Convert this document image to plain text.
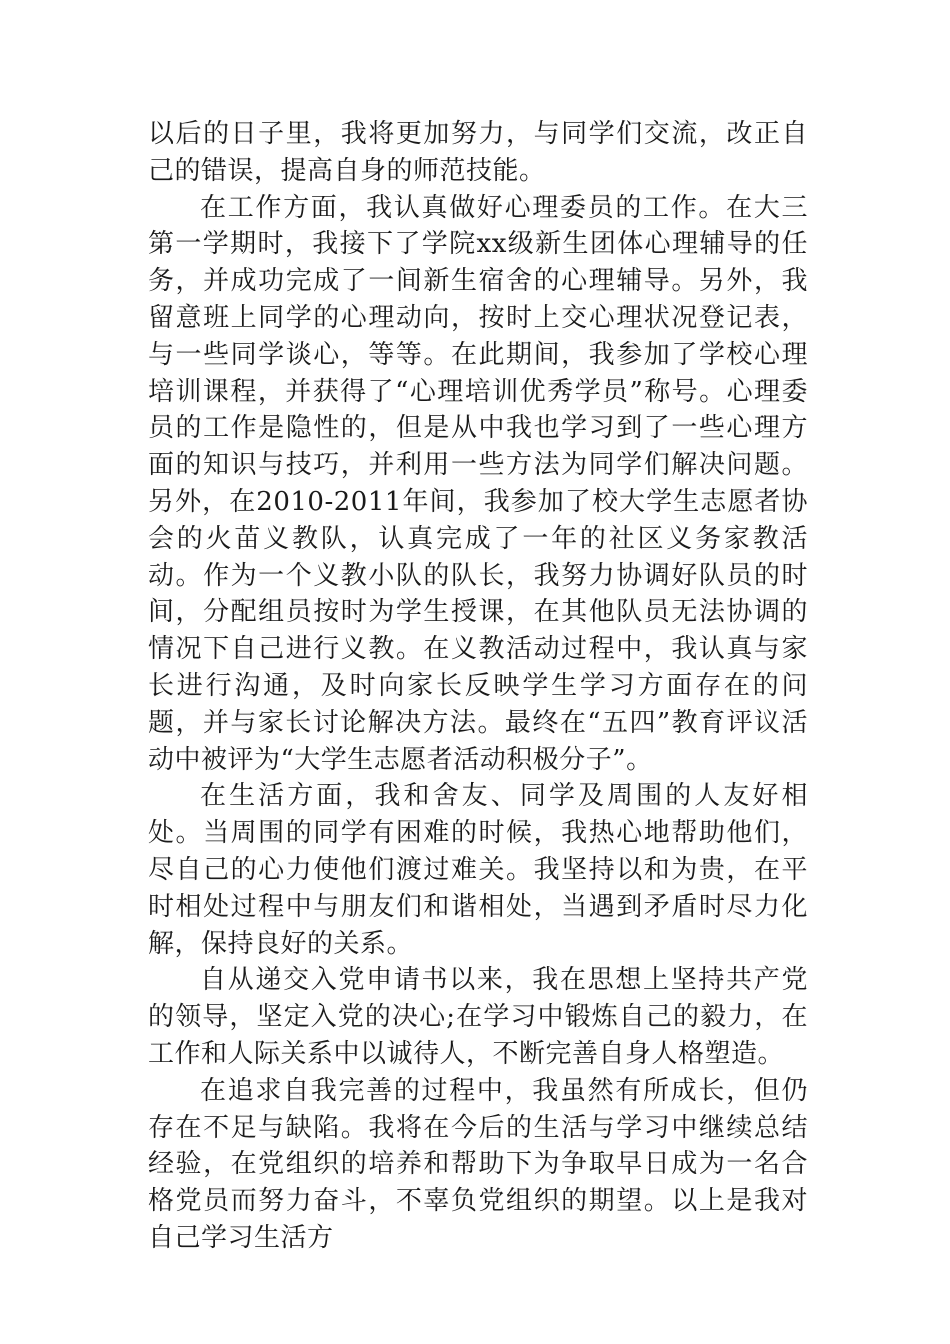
以后的日子里，我将更加努力，与同学们交流，改正自己的错误，提高自身的师范技能。

在工作方面，我认真做好心理委员的工作。在大三第一学期时，我接下了学院xx级新生团体心理辅导的任务，并成功完成了一间新生宿舍的心理辅导。另外，我留意班上同学的心理动向，按时上交心理状况登记表，与一些同学谈心，等等。在此期间，我参加了学校心理培训课程，并获得了“心理培训优秀学员”称号。心理委员的工作是隐性的，但是从中我也学习到了一些心理方面的知识与技巧，并利用一些方法为同学们解决问题。另外，在2010-2011年间，我参加了校大学生志愿者协会的火苗义教队，认真完成了一年的社区义务家教活动。作为一个义教小队的队长，我努力协调好队员的时间，分配组员按时为学生授课，在其他队员无法协调的情况下自己进行义教。在义教活动过程中，我认真与家长进行沟通，及时向家长反映学生学习方面存在的问题，并与家长讨论解决方法。最终在“五四”教育评议活动中被评为“大学生志愿者活动积极分子”。

在生活方面，我和舍友、同学及周围的人友好相处。当周围的同学有困难的时候，我热心地帮助他们，尽自己的心力使他们渡过难关。我坚持以和为贵，在平时相处过程中与朋友们和谐相处，当遇到矛盾时尽力化解，保持良好的关系。

自从递交入党申请书以来，我在思想上坚持共产党的领导，坚定入党的决心;在学习中锻炼自己的毅力，在工作和人际关系中以诚待人，不断完善自身人格塑造。

在追求自我完善的过程中，我虽然有所成长，但仍存在不足与缺陷。我将在今后的生活与学习中继续总结经验，在党组织的培养和帮助下为争取早日成为一名合格党员而努力奋斗，不辜负党组织的期望。以上是我对自己学习生活方
